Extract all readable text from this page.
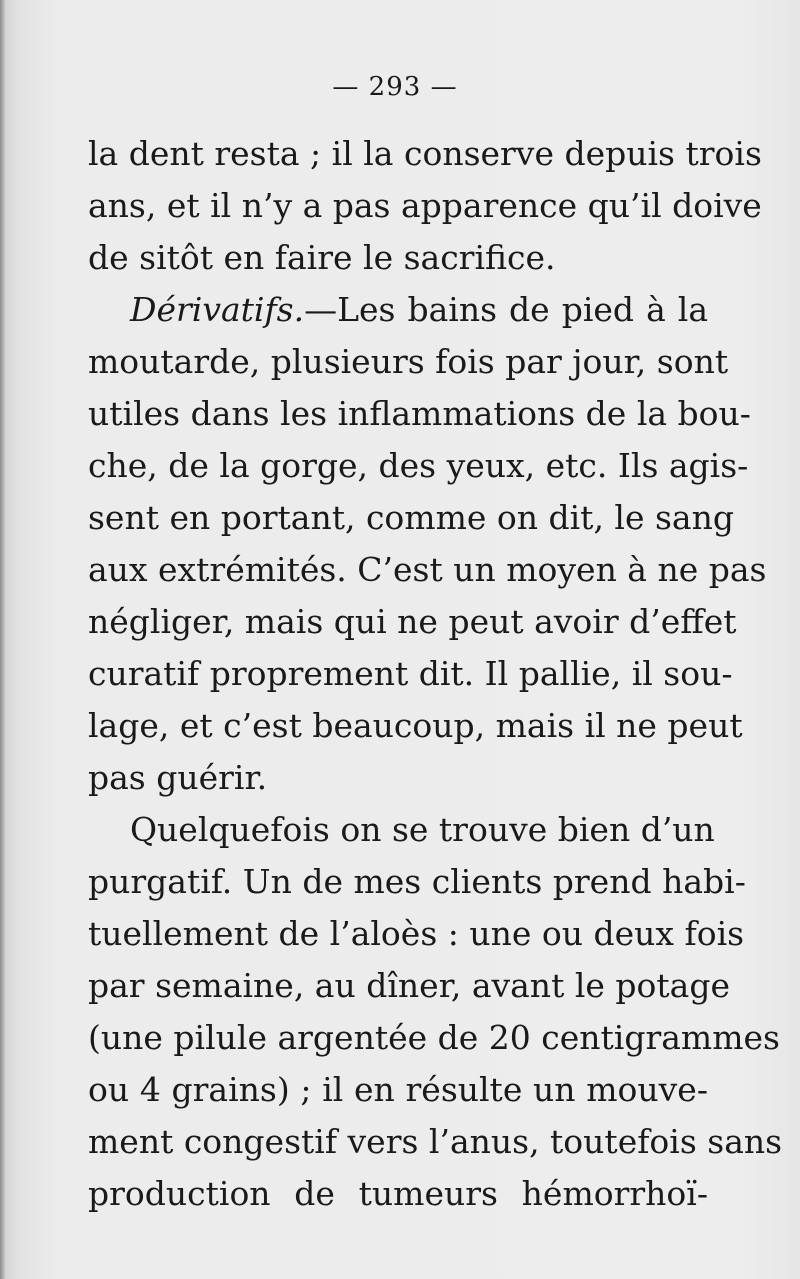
— 293 —
la dent resta ; il la conserve depuis trois
ans, et il n’y a pas apparence qu’il doive
de sitôt en faire le sacrifice.
Dérivatifs.—Les bains de pied à la
moutarde, plusieurs fois par jour, sont
utiles dans les inflammations de la bou-
che, de la gorge, des yeux, etc. Ils agis-
sent en portant, comme on dit, le sang
aux extrémités. C’est un moyen à ne pas
négliger, mais qui ne peut avoir d’effet
curatif proprement dit. Il pallie, il sou-
lage, et c’est beaucoup, mais il ne peut
pas guérir.
Quelquefois on se trouve bien d’un
purgatif. Un de mes clients prend habi-
tuellement de l’aloès : une ou deux fois
par semaine, au dîner, avant le potage
(une pilule argentée de 20 centigrammes
ou 4 grains) ; il en résulte un mouve-
ment congestif vers l’anus, toutefois sans
production de tumeurs hémorrhoï-
